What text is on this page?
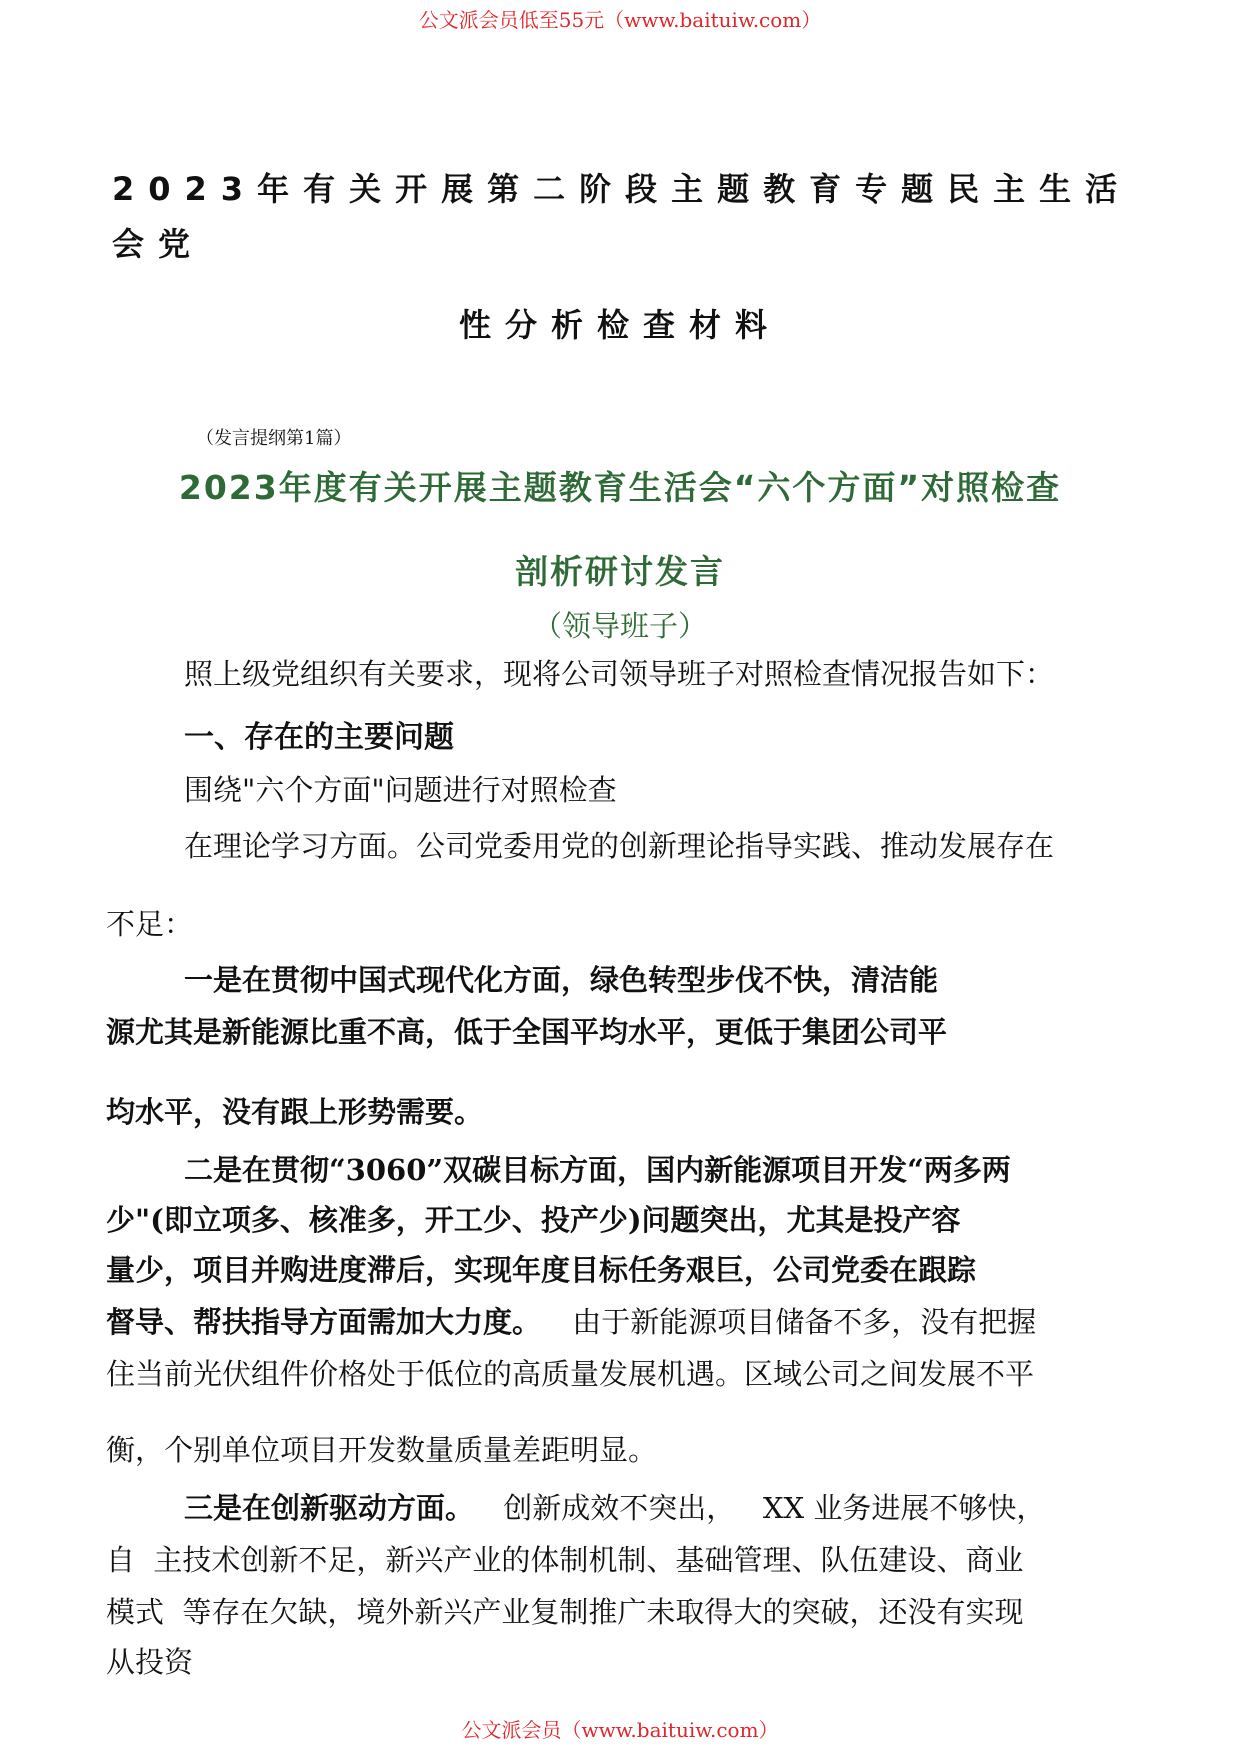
公文派会员低至55元（www.baituiw.com）
2023年有关开展第二阶段主题教育专题民主生活会党
性分析检查材料
（发言提纲第1篇）
2023年度有关开展主题教育生活会“六个方面”对照检查
剖析研讨发言
（领导班子）
照上级党组织有关要求，现将公司领导班子对照检查情况报告如下：
一、存在的主要问题
围绕"六个方面"问题进行对照检查
在理论学习方面。公司党委用党的创新理论指导实践、推动发展存在
不足：
一是在贯彻中国式现代化方面，绿色转型步伐不快，清洁能
源尤其是新能源比重不高，低于全国平均水平，更低于集团公司平
均水平，没有跟上形势需要。
二是在贯彻“3060”双碳目标方面，国内新能源项目开发“两多两
少"(即立项多、核准多，开工少、投产少)问题突出，尤其是投产容
量少，项目并购进度滞后，实现年度目标任务艰巨，公司党委在跟踪
督导、帮扶指导方面需加大力度。 由于新能源项目储备不多，没有把握
住当前光伏组件价格处于低位的高质量发展机遇。区域公司之间发展不平
衡，个别单位项目开发数量质量差距明显。
三是在创新驱动方面。 创新成效不突出，   XX 业务进展不够快，
自  主技术创新不足，新兴产业的体制机制、基础管理、队伍建设、商业
模式  等存在欠缺，境外新兴产业复制推广未取得大的突破，还没有实现
从投资
公文派会员（www.baituiw.com）
